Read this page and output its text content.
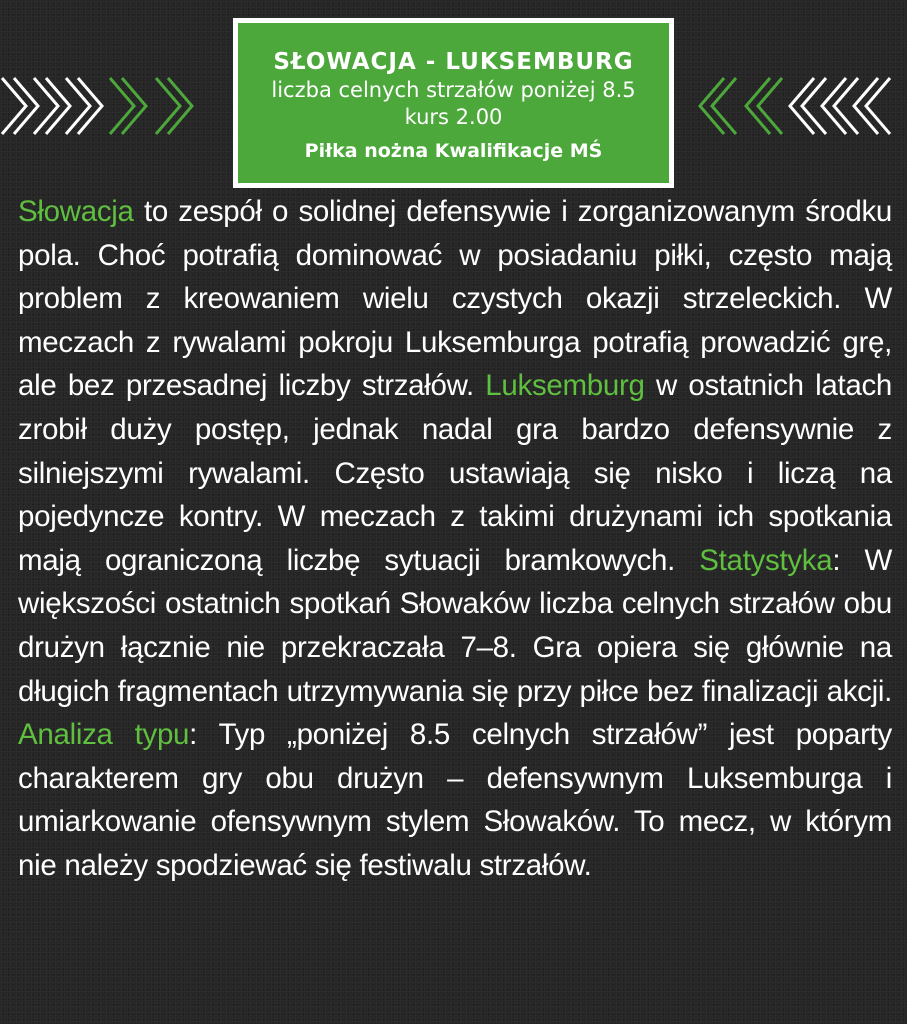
SŁOWACJA - LUKSEMBURG
liczba celnych strzałów poniżej 8.5
kurs 2.00
Piłka nożna Kwalifikacje MŚ
Słowacja to zespół o solidnej defensywie i zorganizowanym środku pola. Choć potrafią dominować w posiadaniu piłki, często mają problem z kreowaniem wielu czystych okazji strzeleckich. W meczach z rywalami pokroju Luksemburga potrafią prowadzić grę, ale bez przesadnej liczby strzałów. Luksemburg w ostatnich latach zrobił duży postęp, jednak nadal gra bardzo defensywnie z silniejszymi rywalami. Często ustawiają się nisko i liczą na pojedyncze kontry. W meczach z takimi drużynami ich spotkania mają ograniczoną liczbę sytuacji bramkowych. Statystyka: W większości ostatnich spotkań Słowaków liczba celnych strzałów obu drużyn łącznie nie przekraczała 7–8. Gra opiera się głównie na długich fragmentach utrzymywania się przy piłce bez finalizacji akcji. Analiza typu: Typ „poniżej 8.5 celnych strzałów” jest poparty charakterem gry obu drużyn – defensywnym Luksemburga i umiarkowanie ofensywnym stylem Słowaków. To mecz, w którym nie należy spodziewać się festiwalu strzałów.
